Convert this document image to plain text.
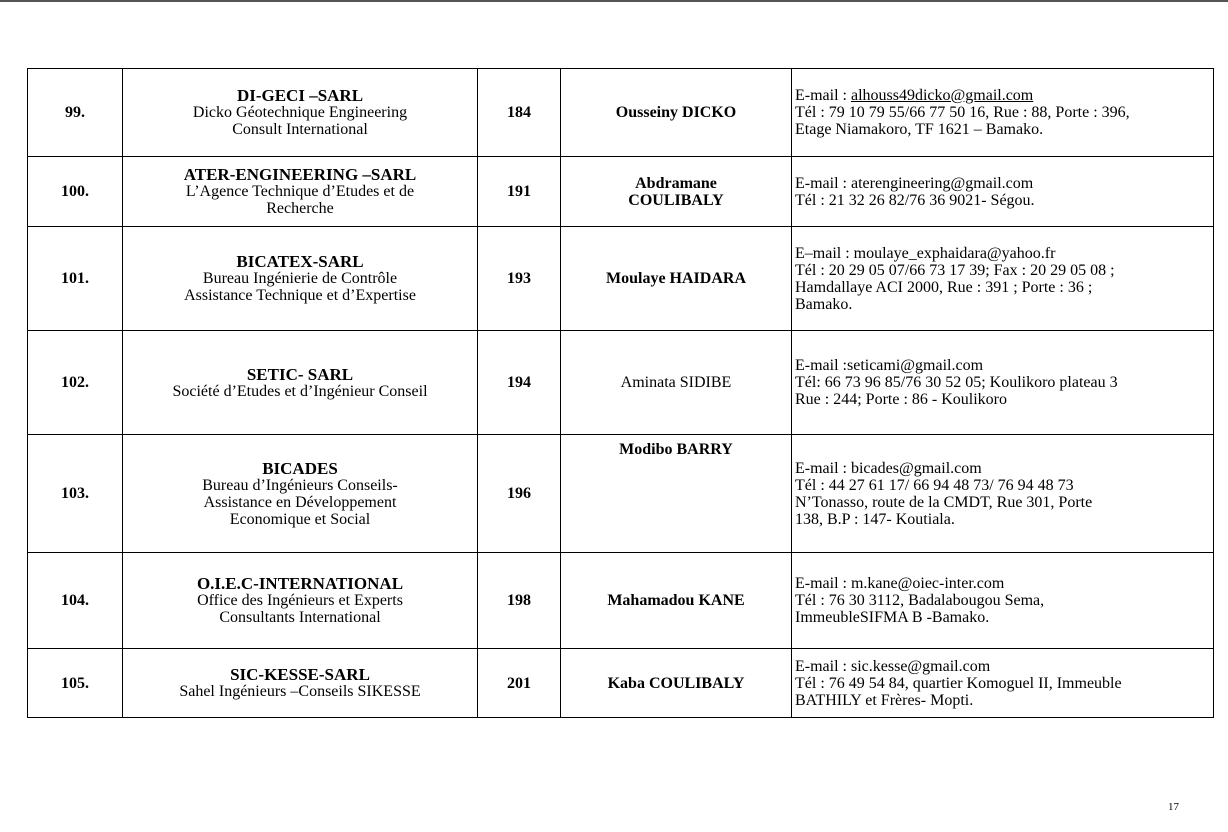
99.	DI-GECI –SARL
Dicko Géotechnique Engineering
Consult International	184	Ousseiny DICKO	E-mail : alhouss49dicko@gmail.com
Tél : 79 10 79 55/66 77 50 16, Rue : 88, Porte : 396,
Etage Niamakoro, TF 1621 – Bamako.

100.	ATER-ENGINEERING –SARL
L’Agence Technique d’Etudes et de
Recherche	191	Abdramane
COULIBALY	E-mail : aterengineering@gmail.com
Tél : 21 32 26 82/76 36 9021- Ségou.

101.	BICATEX-SARL
Bureau Ingénierie de Contrôle
Assistance Technique et d’Expertise	193	Moulaye HAIDARA	E–mail : moulaye_exphaidara@yahoo.fr
Tél : 20 29 05 07/66 73 17 39; Fax : 20 29 05 08 ;
Hamdallaye ACI 2000, Rue : 391 ; Porte : 36 ;
Bamako.

102.	SETIC- SARL
Société d’Etudes et d’Ingénieur Conseil	194	Aminata SIDIBE	E-mail :seticami@gmail.com
Tél: 66 73 96 85/76 30 52 05; Koulikoro plateau 3
Rue : 244; Porte : 86 - Koulikoro

103.	BICADES
Bureau d’Ingénieurs Conseils-
Assistance en Développement
Economique et Social	196	Modibo BARRY	E-mail : bicades@gmail.com
Tél : 44 27 61 17/ 66 94 48 73/ 76 94 48 73
N’Tonasso, route de la CMDT, Rue 301, Porte
138, B.P : 147- Koutiala.

104.	O.I.E.C-INTERNATIONAL
Office des Ingénieurs et Experts
Consultants International	198	Mahamadou KANE	E-mail : m.kane@oiec-inter.com
Tél : 76 30 3112, Badalabougou Sema,
ImmeubleSIFMA B -Bamako.

105.	SIC-KESSE-SARL
Sahel Ingénieurs –Conseils SIKESSE	201	Kaba COULIBALY	E-mail : sic.kesse@gmail.com
Tél : 76 49 54 84, quartier Komoguel II, Immeuble
BATHILY et Frères- Mopti.
17
